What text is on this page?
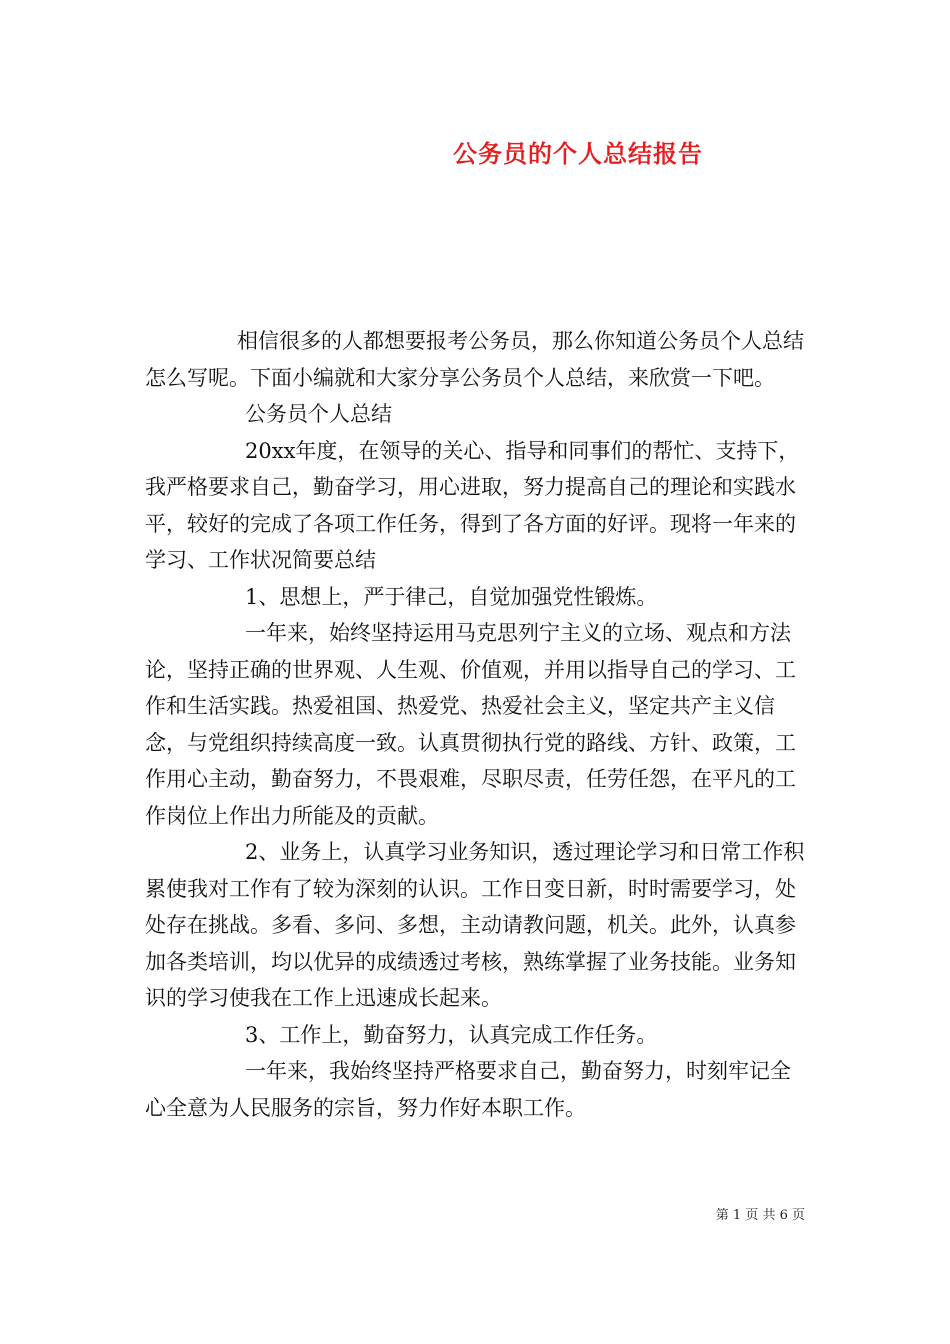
公务员的个人总结报告

相信很多的人都想要报考公务员，那么你知道公务员个人总结怎么写呢。下面小编就和大家分享公务员个人总结，来欣赏一下吧。

公务员个人总结

20xx年度，在领导的关心、指导和同事们的帮忙、支持下，我严格要求自己，勤奋学习，用心进取，努力提高自己的理论和实践水平，较好的完成了各项工作任务，得到了各方面的好评。现将一年来的学习、工作状况简要总结

1、思想上，严于律己，自觉加强党性锻炼。

一年来，始终坚持运用马克思列宁主义的立场、观点和方法论，坚持正确的世界观、人生观、价值观，并用以指导自己的学习、工作和生活实践。热爱祖国、热爱党、热爱社会主义，坚定共产主义信念，与党组织持续高度一致。认真贯彻执行党的路线、方针、政策，工作用心主动，勤奋努力，不畏艰难，尽职尽责，任劳任怨，在平凡的工作岗位上作出力所能及的贡献。

2、业务上，认真学习业务知识，透过理论学习和日常工作积累使我对工作有了较为深刻的认识。工作日变日新，时时需要学习，处处存在挑战。多看、多问、多想，主动请教问题，机关。此外，认真参加各类培训，均以优异的成绩透过考核，熟练掌握了业务技能。业务知识的学习使我在工作上迅速成长起来。

3、工作上，勤奋努力，认真完成工作任务。

一年来，我始终坚持严格要求自己，勤奋努力，时刻牢记全心全意为人民服务的宗旨，努力作好本职工作。

第 1 页 共 6 页
